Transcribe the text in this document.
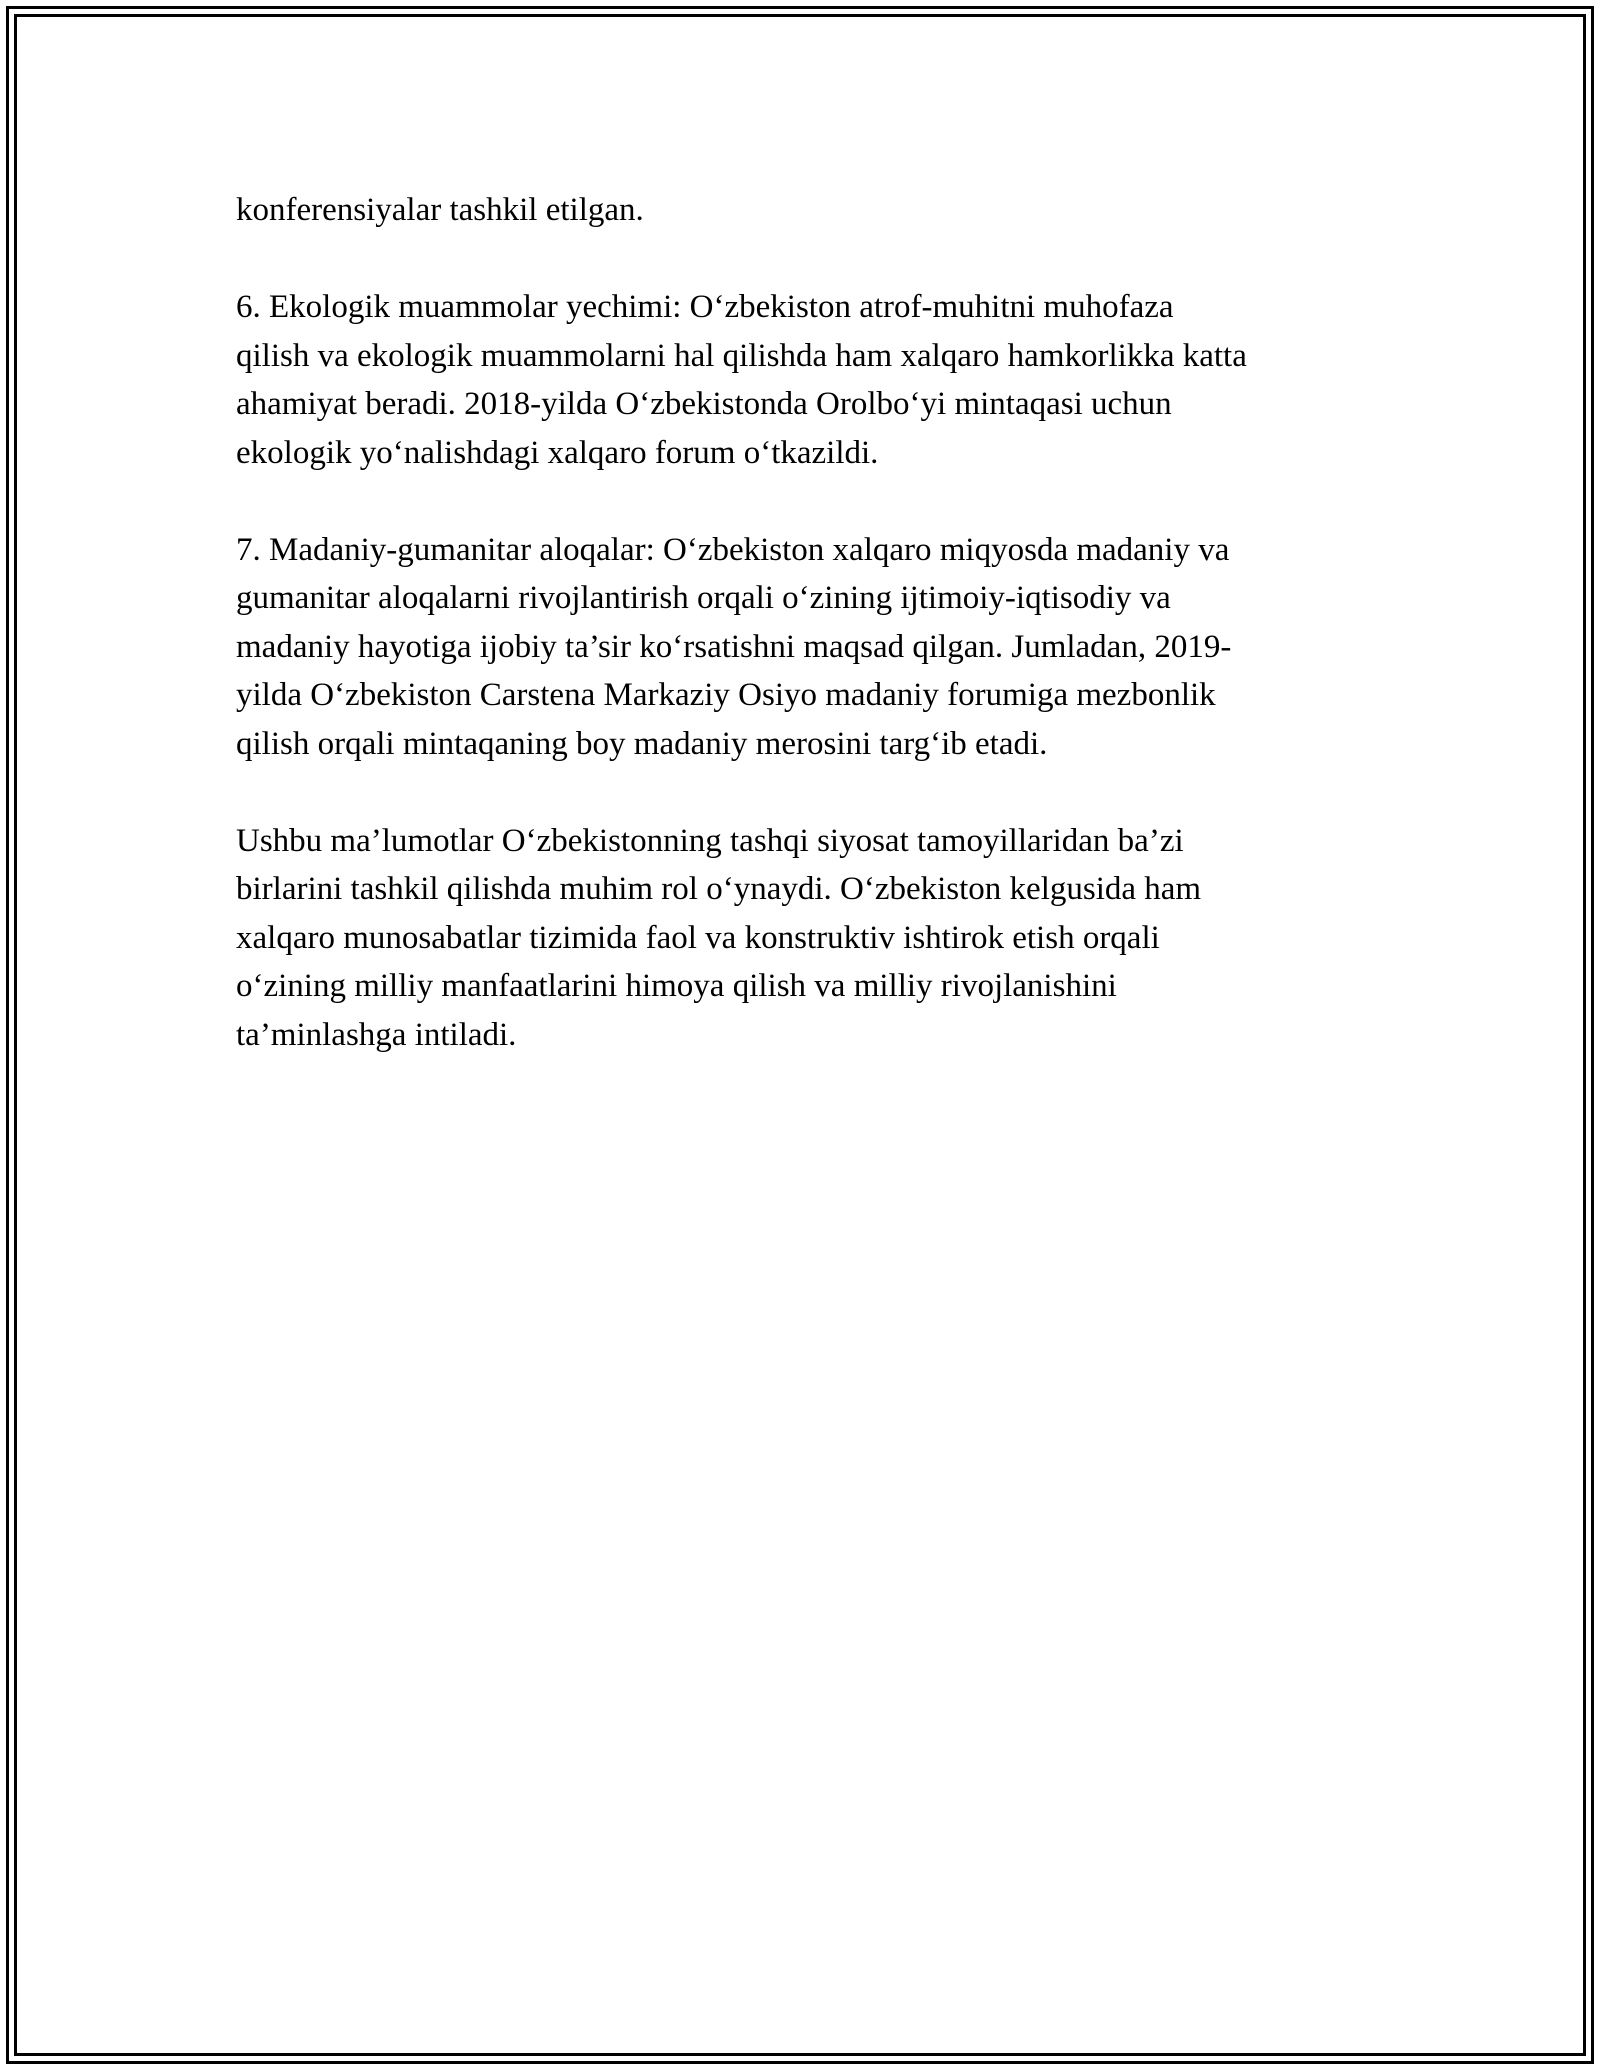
konferensiyalar tashkil etilgan.

6. Ekologik muammolar yechimi: O‘zbekiston atrof-muhitni muhofaza
qilish va ekologik muammolarni hal qilishda ham xalqaro hamkorlikka katta
ahamiyat beradi. 2018-yilda O‘zbekistonda Orolbo‘yi mintaqasi uchun
ekologik yo‘nalishdagi xalqaro forum o‘tkazildi.

7. Madaniy-gumanitar aloqalar: O‘zbekiston xalqaro miqyosda madaniy va
gumanitar aloqalarni rivojlantirish orqali o‘zining ijtimoiy-iqtisodiy va
madaniy hayotiga ijobiy ta’sir ko‘rsatishni maqsad qilgan. Jumladan, 2019-
yilda O‘zbekiston Carstena Markaziy Osiyo madaniy forumiga mezbonlik
qilish orqali mintaqaning boy madaniy merosini targ‘ib etadi.

Ushbu ma’lumotlar O‘zbekistonning tashqi siyosat tamoyillaridan ba’zi
birlarini tashkil qilishda muhim rol o‘ynaydi. O‘zbekiston kelgusida ham
xalqaro munosabatlar tizimida faol va konstruktiv ishtirok etish orqali
o‘zining milliy manfaatlarini himoya qilish va milliy rivojlanishini
ta’minlashga intiladi.
